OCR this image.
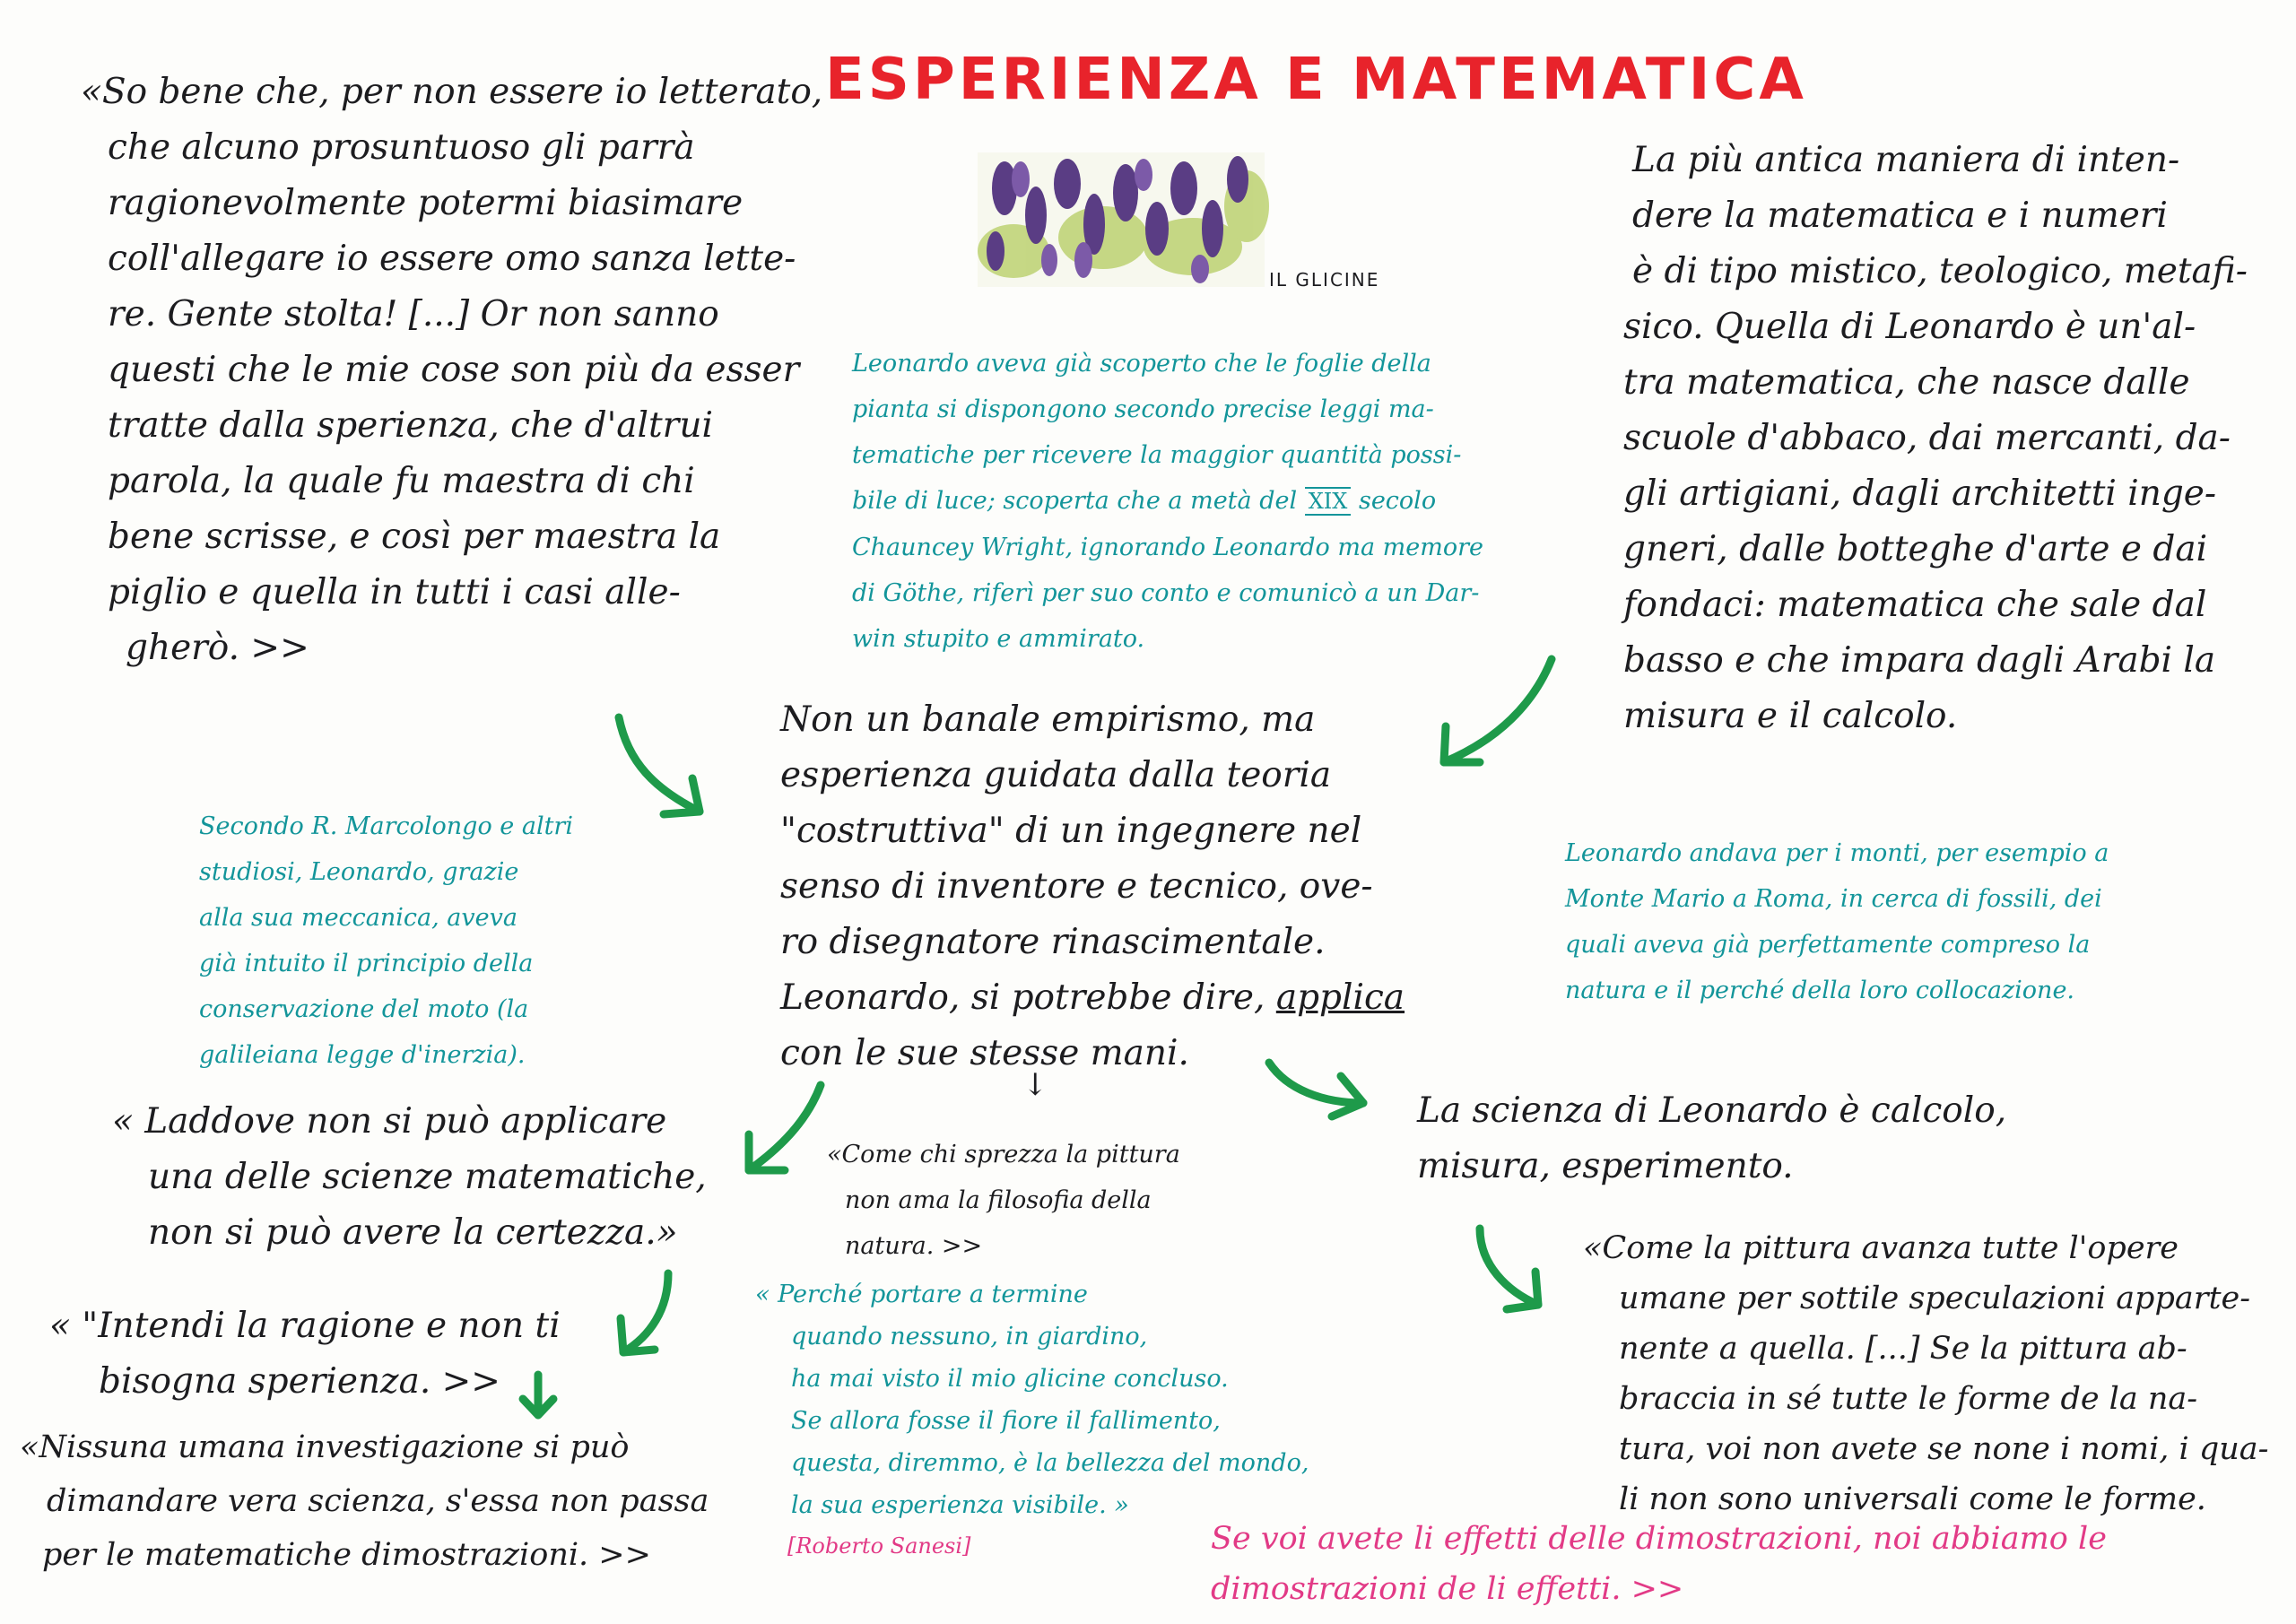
ESPERIENZA E MATEMATICA
IL GLICINE
«So bene che, per non essere io letterato,
che alcuno prosuntuoso gli parrà
ragionevolmente potermi biasimare
coll'allegare io essere omo sanza lette-
re. Gente stolta! [...] Or non sanno
questi che le mie cose son più da esser
tratte dalla sperienza, che d'altrui
parola, la quale fu maestra di chi
bene scrisse, e così per maestra la
piglio e quella in tutti i casi alle-
gherò. >>
Leonardo aveva già scoperto che le foglie della
pianta si dispongono secondo precise leggi ma-
tematiche per ricevere la maggior quantità possi-
bile di luce; scoperta che a metà del XIX secolo
Chauncey Wright, ignorando Leonardo ma memore
di Göthe, riferì per suo conto e comunicò a un Dar-
win stupito e ammirato.
La più antica maniera di inten-
dere la matematica e i numeri
è di tipo mistico, teologico, metafi-
sico. Quella di Leonardo è un'al-
tra matematica, che nasce dalle
scuole d'abbaco, dai mercanti, da-
gli artigiani, dagli architetti inge-
gneri, dalle botteghe d'arte e dai
fondaci: matematica che sale dal
basso e che impara dagli Arabi la
misura e il calcolo.
Non un banale empirismo, ma
esperienza guidata dalla teoria
"costruttiva" di un ingegnere nel
senso di inventore e tecnico, ove-
ro disegnatore rinascimentale.
Leonardo, si potrebbe dire, applica
con le sue stesse mani.
Secondo R. Marcolongo e altri
studiosi, Leonardo, grazie
alla sua meccanica, aveva
già intuito il principio della
conservazione del moto (la
galileiana legge d'inerzia).
Leonardo andava per i monti, per esempio a
Monte Mario a Roma, in cerca di fossili, dei
quali aveva già perfettamente compreso la
natura e il perché della loro collocazione.
« Laddove non si può applicare
una delle scienze matematiche,
non si può avere la certezza.»
↓
«Come chi sprezza la pittura
non ama la filosofia della
natura. >>
La scienza di Leonardo è calcolo,
misura, esperimento.
« "Intendi la ragione e non ti
bisogna sperienza. >>
«Nissuna umana investigazione si può
dimandare vera scienza, s'essa non passa
per le matematiche dimostrazioni. >>
« Perché portare a termine
quando nessuno, in giardino,
ha mai visto il mio glicine concluso.
Se allora fosse il fiore il fallimento,
questa, diremmo, è la bellezza del mondo,
la sua esperienza visibile. »
[Roberto Sanesi]
«Come la pittura avanza tutte l'opere
umane per sottile speculazioni apparte-
nente a quella. [...] Se la pittura ab-
braccia in sé tutte le forme de la na-
tura, voi non avete se none i nomi, i qua-
li non sono universali come le forme.
Se voi avete li effetti delle dimostrazioni, noi abbiamo le
dimostrazioni de li effetti. >>
